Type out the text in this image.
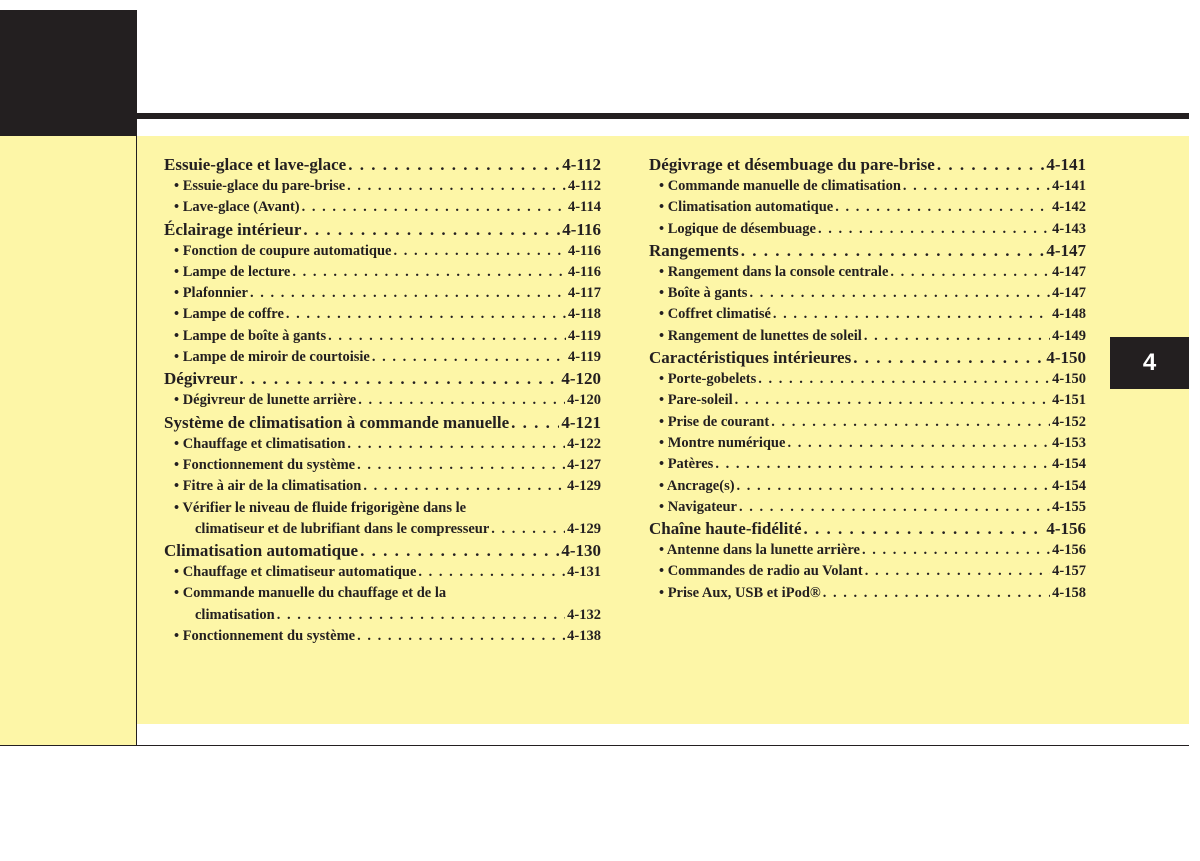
Essuie-glace et lave-glace . . .	4-112
• Essuie-glace du pare-brise . . .	4-112
• Lave-glace (Avant) . . .	4-114
Éclairage intérieur . . .	4-116
• Fonction de coupure automatique . . .	4-116
• Lampe de lecture . . .	4-116
• Plafonnier . . .	4-117
• Lampe de coffre . . .	4-118
• Lampe de boîte à gants . . .	4-119
• Lampe de miroir de courtoisie . . .	4-119
Dégivreur . . .	4-120
• Dégivreur de lunette arrière . . .	4-120
Système de climatisation à commande manuelle . . .	4-121
• Chauffage et climatisation . . .	4-122
• Fonctionnement du système . . .	4-127
• Fitre à air de la climatisation . . .	4-129
• Vérifier le niveau de fluide frigorigène dans le
climatiseur et de lubrifiant dans le compresseur . . .	4-129
Climatisation automatique . . .	4-130
• Chauffage et climatiseur automatique . . .	4-131
• Commande manuelle du chauffage et de la
climatisation . . .	4-132
• Fonctionnement du système . . .	4-138
Dégivrage et désembuage du pare-brise . . .	4-141
• Commande manuelle de climatisation . . .	4-141
• Climatisation automatique . . .	4-142
• Logique de désembuage . . .	4-143
Rangements . . .	4-147
• Rangement dans la console centrale . . .	4-147
• Boîte à gants . . .	4-147
• Coffret climatisé . . .	4-148
• Rangement de lunettes de soleil . . .	4-149
Caractéristiques intérieures . . .	4-150
• Porte-gobelets . . .	4-150
• Pare-soleil . . .	4-151
• Prise de courant . . .	4-152
• Montre numérique . . .	4-153
• Patères . . .	4-154
• Ancrage(s) . . .	4-154
• Navigateur . . .	4-155
Chaîne haute-fidélité . . .	4-156
• Antenne dans la lunette arrière . . .	4-156
• Commandes de radio au Volant . . .	4-157
• Prise Aux, USB et iPod® . . .	4-158
4
